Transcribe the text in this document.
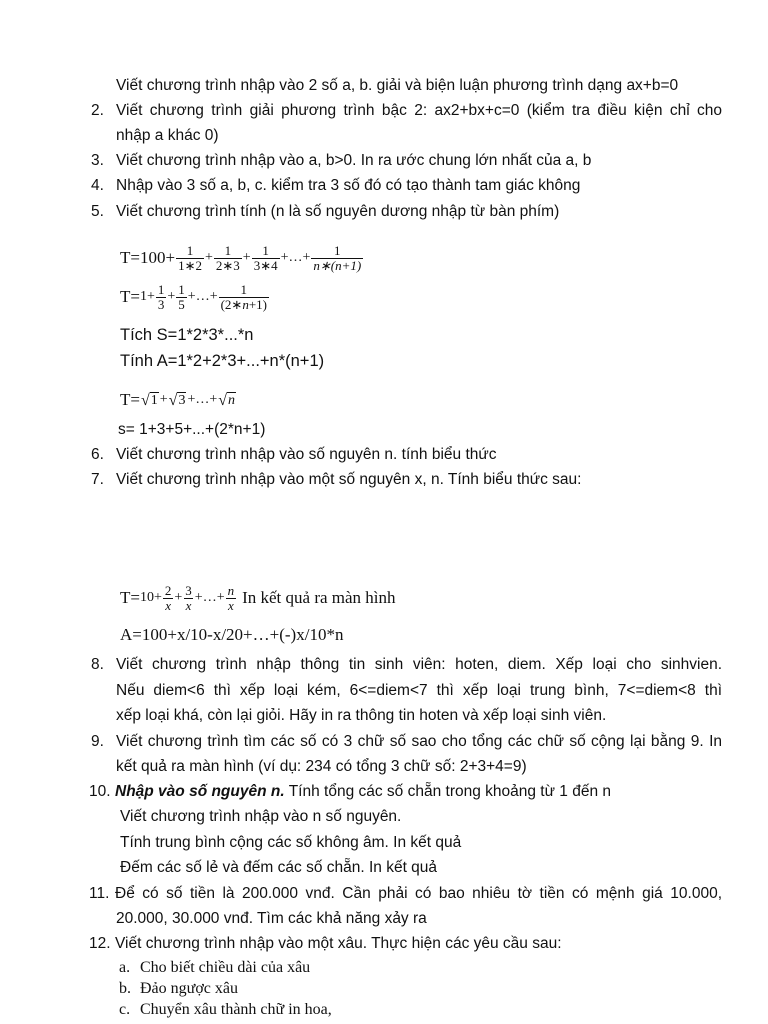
Viết chương trình nhập vào 2 số a, b. giải và biện luận phương trình dạng ax+b=0
2. Viết chương trình giải phương trình bậc 2: ax2+bx+c=0 (kiểm tra điều kiện chỉ cho
nhập a khác 0)
3. Viết chương trình nhập vào a, b>0. In ra ước chung lớn nhất của a, b
4. Nhập vào 3 số a, b, c. kiểm tra 3 số đó có tạo thành tam giác không
5. Viết chương trình tính (n là số nguyên dương nhập từ bàn phím)
$T=100+ \frac{1}{1∗2} + \frac{1}{2∗3} + \frac{1}{3∗4}$ +…+ $\frac{1}{n∗(n+1)}$
$T= 1+ \frac{1}{3} + \frac{1}{5}$ +…+ $\frac{1}{(2∗n+1)}$
Tích S=1*2*3*...*n
Tính A=1*2+2*3+...+n*(n+1)
T= √ 1 + √ 3 +…+ √ n
s= 1+3+5+...+(2*n+1)
6. Viết chương trình nhập vào số nguyên n. tính biểu thức
7. Viết chương trình nhập vào một số nguyên x, n. Tính biểu thức sau:
$T= 10+ \frac{2}{x} + \frac{3}{x}$ +…+ $\frac{n}{x}$ In kết quả ra màn hình
A=100+x/10-x/20+…+(-)x/10*n
8. Viết chương trình nhập thông tin sinh viên: hoten, diem. Xếp loại cho sinhvien.
Nếu diem<6 thì xếp loại kém, 6<=diem<7 thì xếp loại trung bình, 7<=diem<8 thì
xếp loại khá, còn lại giỏi. Hãy in ra thông tin hoten và xếp loại sinh viên.
9. Viết chương trình tìm các số có 3 chữ số sao cho tổng các chữ số cộng lại bằng 9. In
kết quả ra màn hình (ví dụ: 234 có tổng 3 chữ số: 2+3+4=9)
10. Nhập vào số nguyên n. Tính tổng các số chẵn trong khoảng từ 1 đến n
Viết chương trình nhập vào n số nguyên.
Tính trung bình cộng các số không âm. In kết quả
Đếm các số lẻ và đếm các số chẵn. In kết quả
11. Để có số tiền là 200.000 vnđ. Cần phải có bao nhiêu tờ tiền có mệnh giá 10.000,
20.000, 30.000 vnđ. Tìm các khả năng xảy ra
12. Viết chương trình nhập vào một xâu. Thực hiện các yêu cầu sau:
a. Cho biết chiều dài của xâu
b. Đảo ngược xâu
c. Chuyển xâu thành chữ in hoa,
